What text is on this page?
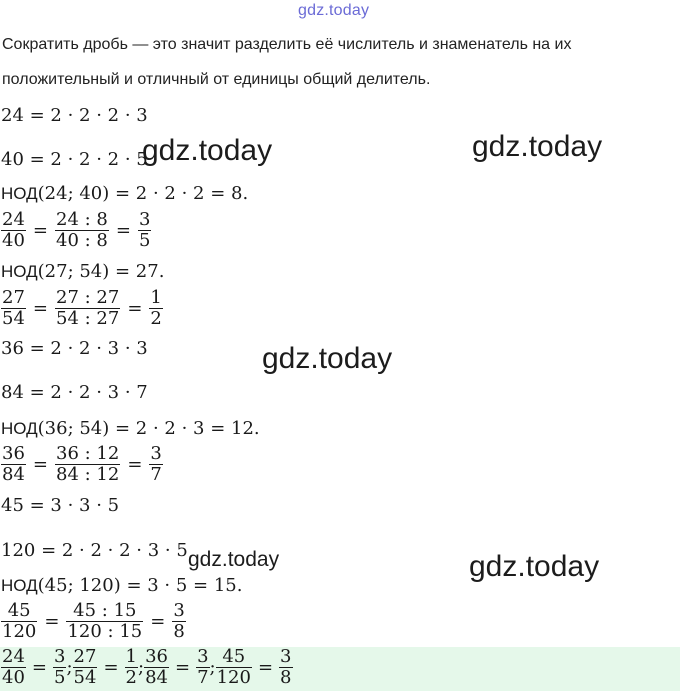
gdz.today
Сократить дробь — это значит разделить её числитель и знаменатель на их
положительный и отличный от единицы общий делитель.
gdz.today	gdz.today
gdz.today
gdz.today	gdz.today
24 = 2 · 2 · 2 · 3
40 = 2 · 2 · 2 · 5
НОД(24; 40) = 2 · 2 · 2 = 8.
$\frac{24}{40} = \frac{24 : 8}{40 : 8} = \frac{3}{5}$
НОД(27; 54) = 27.
$\frac{27}{54} = \frac{27 : 27}{54 : 27} = \frac{1}{2}$
36 = 2 · 2 · 3 · 3
84 = 2 · 2 · 3 · 7
НОД(36; 54) = 2 · 2 · 3 = 12.
$\frac{36}{84} = \frac{36 : 12}{84 : 12} = \frac{3}{7}$
45 = 3 · 3 · 5
120 = 2 · 2 · 2 · 3 · 5
НОД(45; 120) = 3 · 5 = 15.
$\frac{45}{120} = \frac{45 : 15}{120 : 15} = \frac{3}{8}$
$\frac{24}{40} = \frac{3}{5}$ ; $\frac{27}{54} = \frac{1}{2}$ ; $\frac{36}{84} = \frac{3}{7}$ ; $\frac{45}{120} = \frac{3}{8}$
